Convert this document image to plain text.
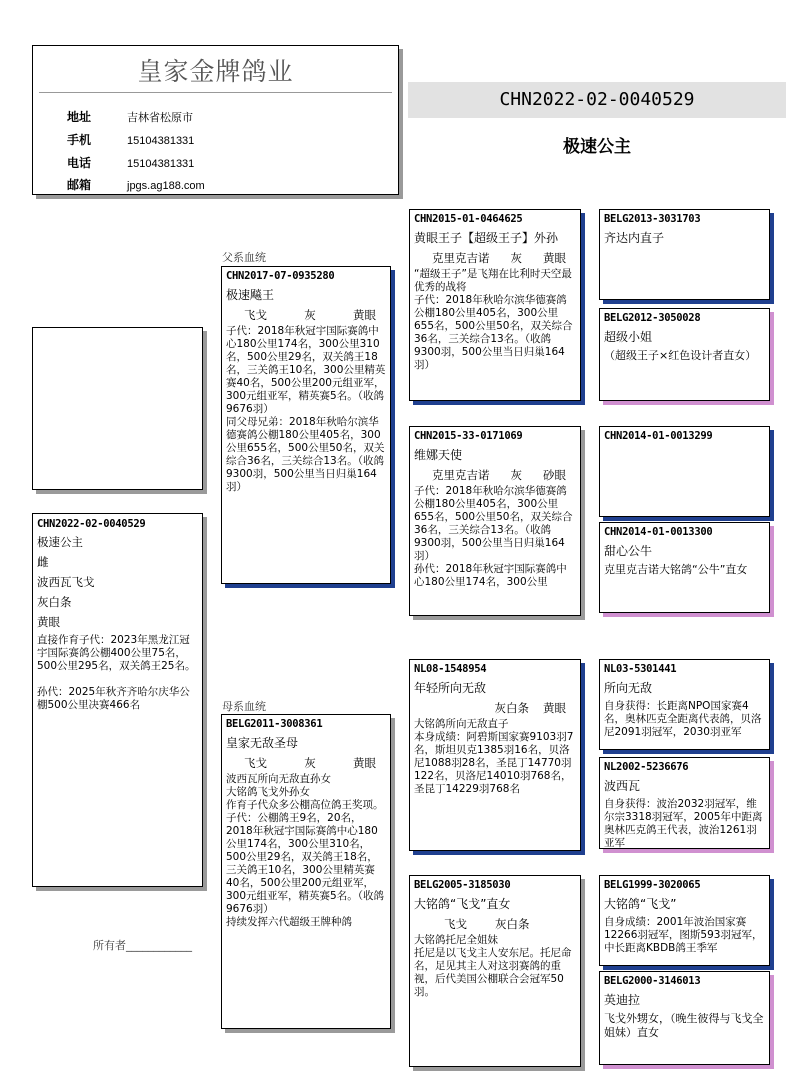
皇家金牌鸽业
地址	吉林省松原市
手机	15104381331
电话	15104381331
邮箱	jpgs.ag188.com
CHN2022-02-0040529
极速公主
CHN2022-02-0040529
极速公主
雌
波西瓦飞戈
灰白条
黄眼
直接作育子代：2023年黑龙江冠宇国际赛鸽公棚400公里75名，500公里295名，双关鸽王25名。

孙代：2025年秋齐齐哈尔庆华公棚500公里决赛466名
父系血统
母系血统
所有者____________
CHN2017-07-0935280
极速飚王
飞戈	灰	黄眼
子代：2018年秋冠宇国际赛鸽中心180公里174名，300公里310名，500公里29名，双关鸽王18名，三关鸽王10名，300公里精英赛40名，500公里200元组亚军，300元组亚军，精英赛5名。（收鸽9676羽）
同父母兄弟：2018年秋哈尔滨华德赛鸽公棚180公里405名，300公里655名，500公里50名，双关综合36名，三关综合13名。（收鸽9300羽，500公里当日归巢164羽）
BELG2011-3008361
皇家无敌圣母
飞戈	灰	黄眼
波西瓦所向无敌直孙女
大铭鸽飞戈外孙女
作育子代众多公棚高位鸽王奖项。
子代：公棚鸽王9名，20名，2018年秋冠宇国际赛鸽中心180公里174名，300公里310名，500公里29名，双关鸽王18名，三关鸽王10名，300公里精英赛40名，500公里200元组亚军，300元组亚军，精英赛5名。（收鸽9676羽）
持续发挥六代超级王牌种鸽
CHN2015-01-0464625
黄眼王子【超级王子】外孙
克里克吉诺 灰 黄眼
“超级王子”是飞翔在比利时天空最优秀的战将
子代：2018年秋哈尔滨华德赛鸽公棚180公里405名，300公里655名，500公里50名，双关综合36名，三关综合13名。（收鸽9300羽，500公里当日归巢164羽）
CHN2015-33-0171069
维娜天使
克里克吉诺 灰 砂眼
子代：2018年秋哈尔滨华德赛鸽公棚180公里405名，300公里655名，500公里50名，双关综合36名，三关综合13名。（收鸽9300羽，500公里当日归巢164羽）
孙代：2018年秋冠宇国际赛鸽中心180公里174名，300公里
NL08-1548954
年轻所向无敌
灰白条 黄眼
大铭鸽所向无敌直子
本身成绩：阿碧斯国家赛9103羽7名，斯坦贝克1385羽16名，贝洛尼1088羽28名，圣昆丁14770羽122名，贝洛尼14010羽768名，圣昆丁14229羽768名
BELG2005-3185030
大铭鸽“飞戈”直女
飞戈 灰白条
大铭鸽托尼全姐妹
托尼是以飞戈主人安东尼。托尼命名，足见其主人对这羽赛鸽的重视，后代美国公棚联合会冠军50羽。
BELG2013-3031703
齐达内直子
BELG2012-3050028
超级小姐
（超级王子×红色设计者直女）
CHN2014-01-0013299
CHN2014-01-0013300
甜心公牛
克里克吉诺大铭鸽“公牛”直女
NL03-5301441
所向无敌
自身获得：长距离NPO国家赛4名，奥林匹克全距离代表鸽，贝洛尼2091羽冠军，2030羽亚军
NL2002-5236676
波西瓦
自身获得：波治2032羽冠军，维尔宗3318羽冠军，2005年中距离奥林匹克鸽王代表，波治1261羽亚军
BELG1999-3020065
大铭鸽“飞戈”
自身成绩：2001年波治国家赛12266羽冠军，图斯593羽冠军，中长距离KBDB鸽王季军
BELG2000-3146013
英迪拉
飞戈外甥女，（晚生彼得与飞戈全姐妹）直女
